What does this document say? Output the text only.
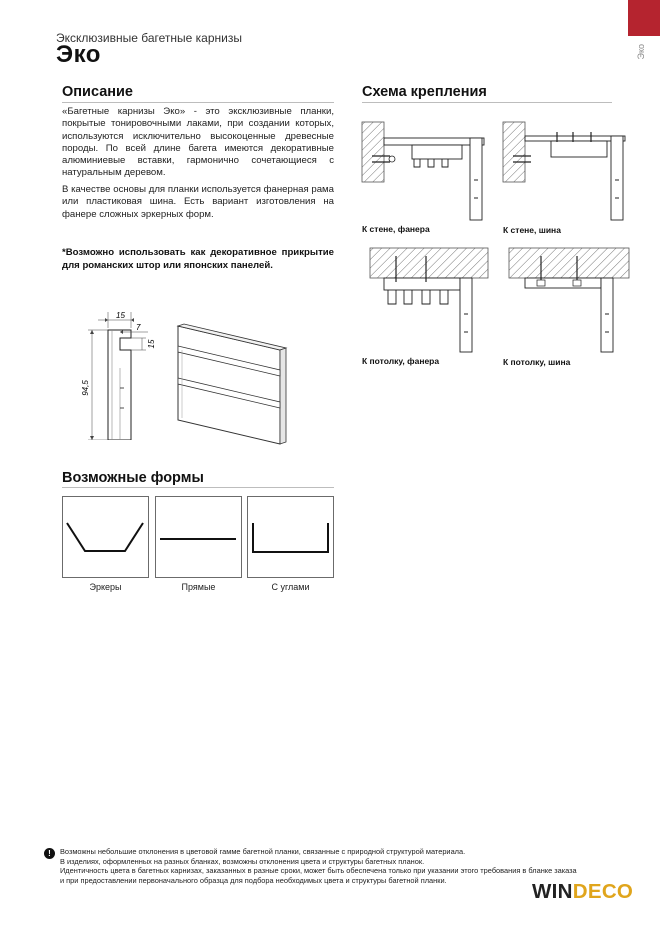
Эко
Эксклюзивные багетные карнизы
Эко
Описание

«Багетные карнизы Эко» - это эксклюзивные планки, покрытые тонировочными лаками, при создании которых, используются исключительно высокоценные древесные породы. По всей длине багета имеются декоративные алюминиевые вставки, гармонично сочетающиеся с натуральным деревом.

В качестве основы для планки используется фанерная рама или пластиковая шина. Есть вариант изготовления на фанере сложных эркерных форм.

*Возможно использовать как декоративное прикрытие для романских штор или японских панелей.

15
7
15
94,5
Возможные формы
Эркеры	Прямые	С углами
Схема крепления
К стене, фанера	К стене, шина
К потолку, фанера	К потолку, шина
!	Возможны небольшие отклонения в цветовой гамме багетной планки, связанные с природной структурой материала.
В изделиях, оформленных на разных бланках, возможны отклонения цвета и структуры багетных планок.
Идентичность цвета в багетных карнизах, заказанных в разные сроки, может быть обеспечена только при указании этого требования в бланке заказа
и при предоставлении первоначального образца для подбора необходимых цвета и структуры багетной планки.	WINDECO
